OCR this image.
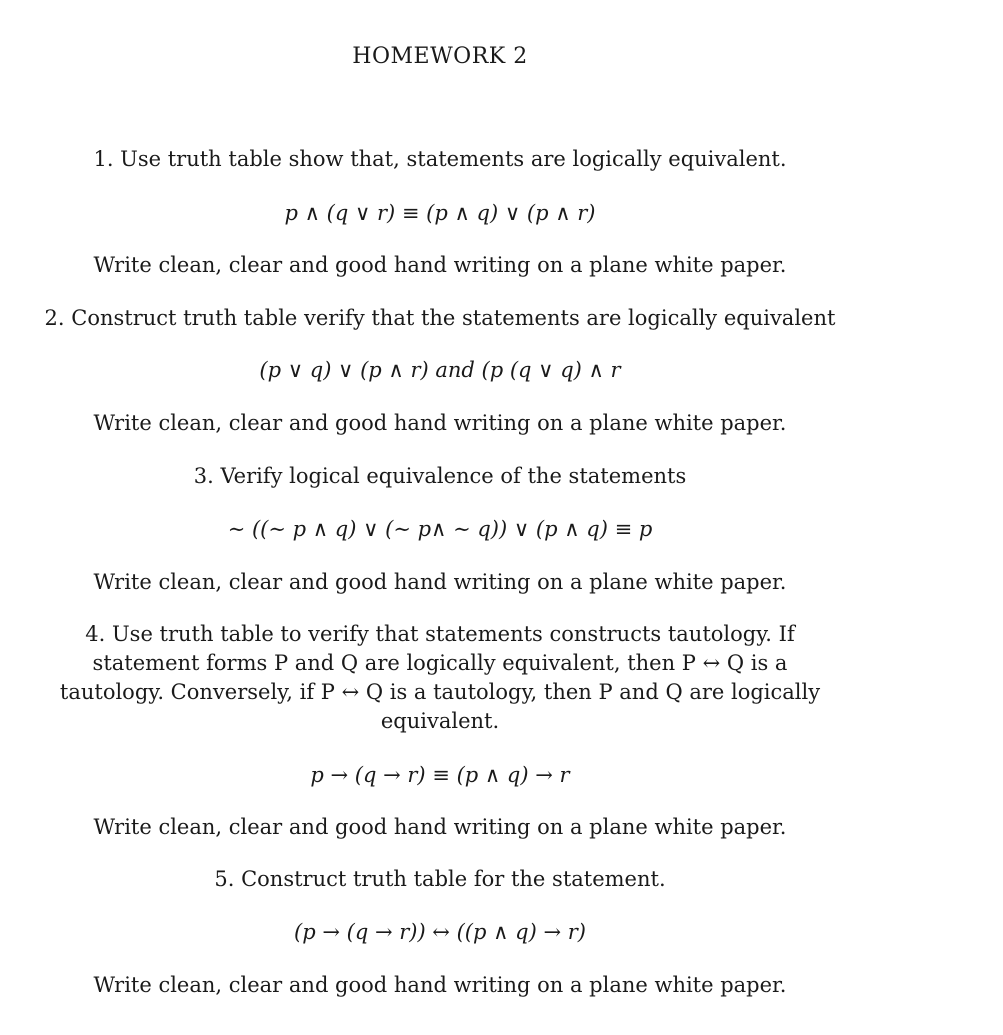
HOMEWORK 2
1. Use truth table show that, statements are logically equivalent.
p ∧ (q ∨ r) ≡ (p ∧ q) ∨ (p ∧ r)
Write clean, clear and good hand writing on a plane white paper.
2. Construct truth table verify that the statements are logically equivalent
(p ∨ q) ∨ (p ∧ r) and (p (q ∨ q) ∧ r
Write clean, clear and good hand writing on a plane white paper.
3. Verify logical equivalence of the statements
∼ ((∼ p ∧ q) ∨ (∼ p∧ ∼ q)) ∨ (p ∧ q) ≡ p
Write clean, clear and good hand writing on a plane white paper.
4. Use truth table to verify that statements constructs tautology. If
statement forms P and Q are logically equivalent, then P ↔ Q is a
tautology. Conversely, if P ↔ Q is a tautology, then P and Q are logically
equivalent.
p → (q → r) ≡ (p ∧ q) → r
Write clean, clear and good hand writing on a plane white paper.
5. Construct truth table for the statement.
(p → (q → r)) ↔ ((p ∧ q) → r)
Write clean, clear and good hand writing on a plane white paper.
